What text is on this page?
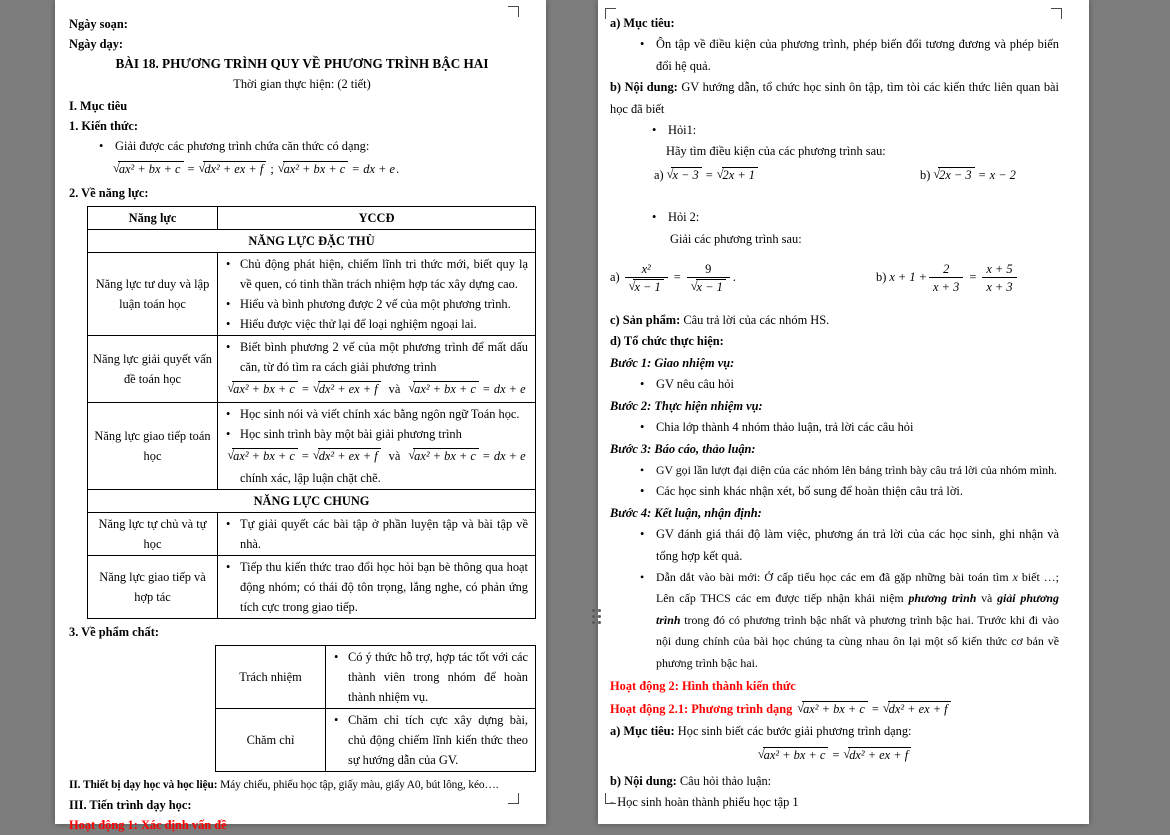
Ngày soạn:

Ngày dạy:

BÀI 18. PHƯƠNG TRÌNH QUY VỀ PHƯƠNG TRÌNH BẬC HAI

Thời gian thực hiện: (2 tiết)

I. Mục tiêu

1. Kiến thức:

• Giải được các phương trình chứa căn thức có dạng:

√ax² + bx + c = √dx² + ex + f ; √ax² + bx + c = dx + e.

2. Về năng lực:

Năng lực	YCCĐ
NĂNG LỰC ĐẶC THÙ	
Năng lực tư duy và lập luận toán học	• Chủ động phát hiện, chiếm lĩnh tri thức mới, biết quy lạ về quen, có tinh thần trách nhiệm hợp tác xây dựng cao.
• Hiểu và bình phương được 2 vế của một phương trình.
• Hiểu được việc thử lại để loại nghiệm ngoại lai.

Năng lực giải quyết vấn đề toán học	• Biết bình phương 2 vế của một phương trình để mất dấu căn, từ đó tìm ra cách giải phương trình
√ax² + bx + c = √dx² + ex + f và √ax² + bx + c = dx + e

Năng lực giao tiếp toán học	• Học sinh nói và viết chính xác bằng ngôn ngữ Toán học.
• Học sinh trình bày một bài giải phương trình
√ax² + bx + c = √dx² + ex + f và √ax² + bx + c = dx + e
chính xác, lập luận chặt chẽ.

NĂNG LỰC CHUNG	
Năng lực tự chủ và tự học	• Tự giải quyết các bài tập ở phần luyện tập và bài tập về nhà.

Năng lực giao tiếp và hợp tác	• Tiếp thu kiến thức trao đổi học hỏi bạn bè thông qua hoạt động nhóm; có thái độ tôn trọng, lắng nghe, có phản ứng tích cực trong giao tiếp.

3. Về phẩm chất:

Trách nhiệm	• Có ý thức hỗ trợ, hợp tác tốt với các thành viên trong nhóm để hoàn thành nhiệm vụ.

Chăm chỉ	• Chăm chỉ tích cực xây dựng bài, chủ động chiếm lĩnh kiến thức theo sự hướng dẫn của GV.

II. Thiết bị dạy học và học liệu: Máy chiếu, phiếu học tập, giấy màu, giấy A0, bút lông, kéo….

III. Tiến trình dạy học:

Hoạt động 1: Xác định vấn đề

a) Mục tiêu:

• Ôn tập về điều kiện của phương trình, phép biến đổi tương đương và phép biến đổi hệ quả.

b) Nội dung: GV hướng dẫn, tổ chức học sinh ôn tập, tìm tòi các kiến thức liên quan bài học đã biết

• Hỏi1:

Hãy tìm điều kiện của các phương trình sau:

a) √x − 3 = √2x + 1	b) √2x − 3 = x − 2

• Hỏi 2:

Giải các phương trình sau:

$a) \frac{\text{x²}}{√x - 1} = \frac{9}{√x - 1}$ .	b) $x + 1 + \frac{2}{x + 3} = \frac{x + 5}{x + 3}$

c) Sản phẩm: Câu trả lời của các nhóm HS.

d) Tổ chức thực hiện:

Bước 1: Giao nhiệm vụ:

• GV nêu câu hỏi

Bước 2: Thực hiện nhiệm vụ:

• Chia lớp thành 4 nhóm thảo luận, trả lời các câu hỏi

Bước 3: Báo cáo, thảo luận:

• GV gọi lần lượt đại diện của các nhóm lên bảng trình bày câu trả lời của nhóm mình.

• Các học sinh khác nhận xét, bổ sung để hoàn thiện câu trả lời.

Bước 4: Kết luận, nhận định:

• GV đánh giá thái độ làm việc, phương án trả lời của các học sinh, ghi nhận và tổng hợp kết quả.

• Dẫn dắt vào bài mới: Ở cấp tiểu học các em đã gặp những bài toán tìm x biết …; Lên cấp THCS các em được tiếp nhận khái niệm phương trình và giải phương trình trong đó có phương trình bậc nhất và phương trình bậc hai. Trước khi đi vào nội dung chính của bài học chúng ta cùng nhau ôn lại một số kiến thức cơ bản về phương trình bậc hai.

Hoạt động 2: Hình thành kiến thức

Hoạt động 2.1: Phương trình dạng √ax² + bx + c = √dx² + ex + f

a) Mục tiêu: Học sinh biết các bước giải phương trình dạng:

√ax² + bx + c = √dx² + ex + f

b) Nội dung: Câu hỏi thảo luận:

- Học sinh hoàn thành phiếu học tập 1
